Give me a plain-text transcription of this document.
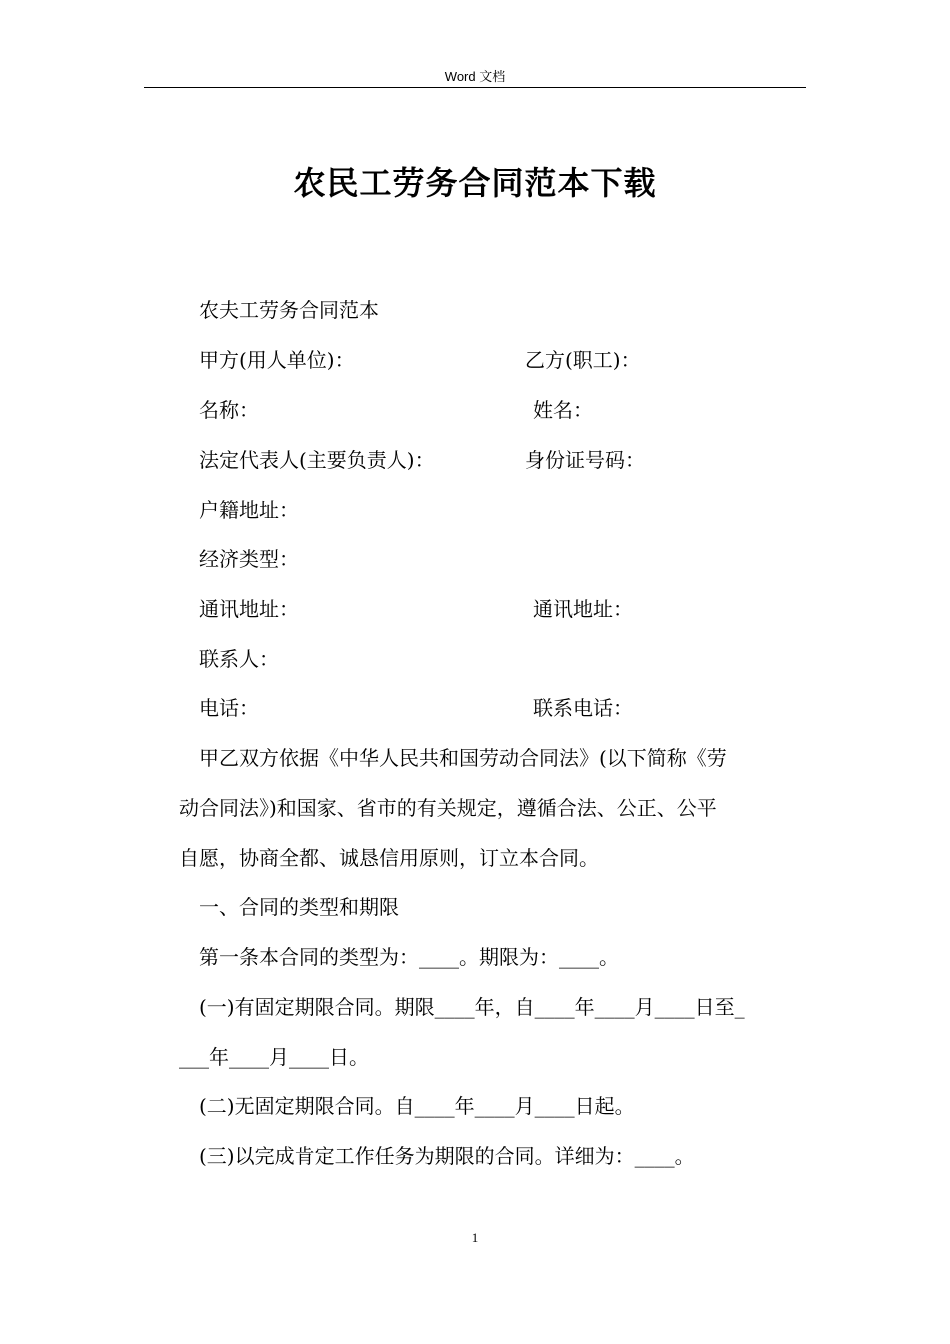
Word 文档
农民工劳务合同范本下载
农夫工劳务合同范本
甲方(用人单位)：	乙方(职工)：
名称：	姓名：
法定代表人(主要负责人)：	身份证号码：
户籍地址：
经济类型：
通讯地址：	通讯地址：
联系人：
电话：	联系电话：
甲乙双方依据《中华人民共和国劳动合同法》(以下简称《劳
动合同法》)和国家、省市的有关规定，遵循合法、公正、公平
自愿，协商全都、诚恳信用原则，订立本合同。
一、合同的类型和期限
第一条本合同的类型为：____。期限为：____。
(一)有固定期限合同。期限____年，自____年____月____日至_
___年____月____日。
(二)无固定期限合同。自____年____月____日起。
(三)以完成肯定工作任务为期限的合同。详细为：____。
1
